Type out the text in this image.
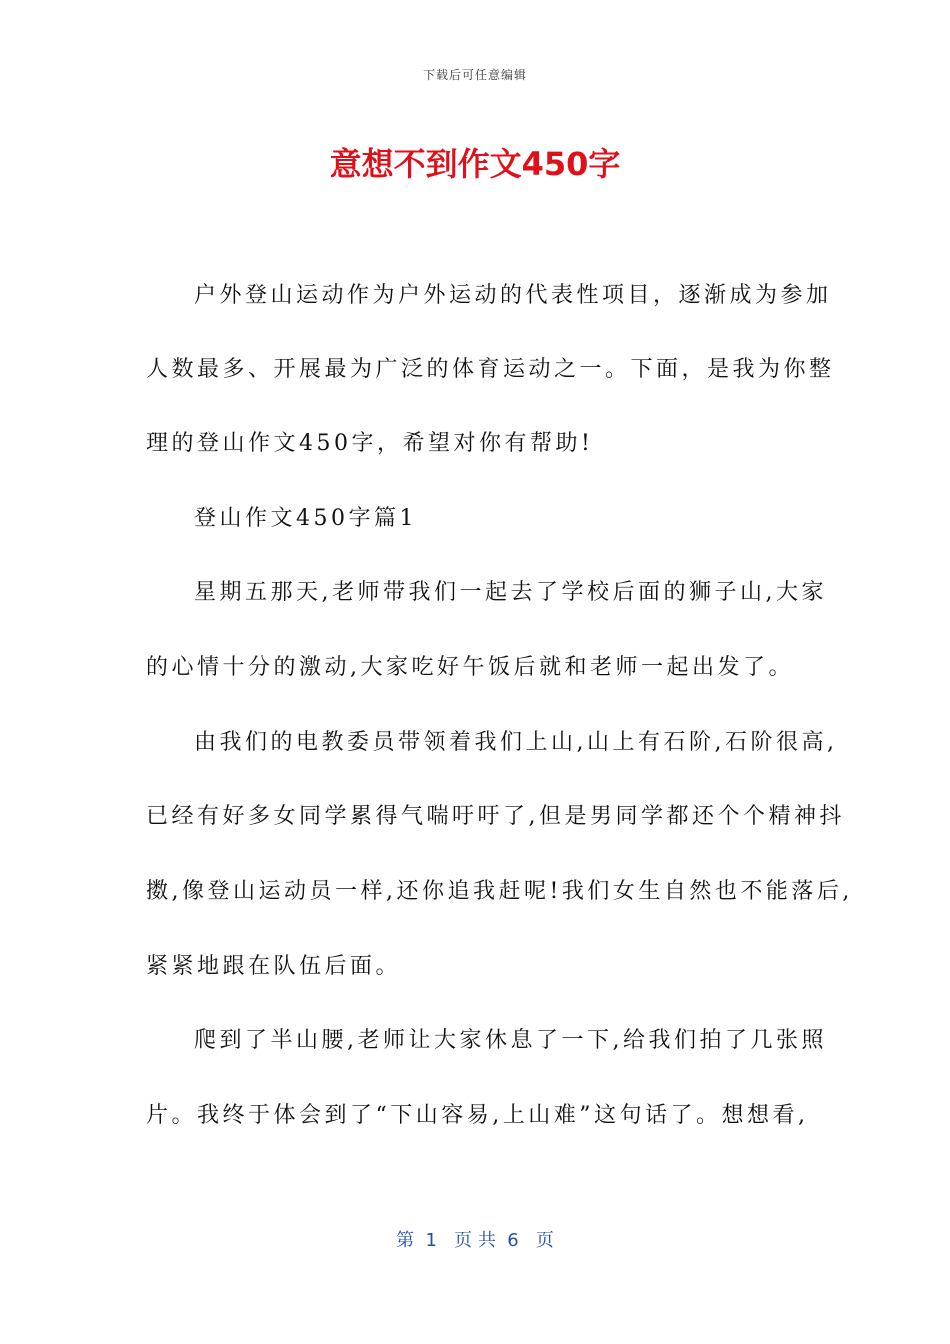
下载后可任意编辑
意想不到作文450字
户外登山运动作为户外运动的代表性项目，逐渐成为参加
人数最多、开展最为广泛的体育运动之一。下面，是我为你整
理的登山作文450字，希望对你有帮助!
登山作文450字篇1
星期五那天,老师带我们一起去了学校后面的狮子山,大家
的心情十分的激动,大家吃好午饭后就和老师一起出发了。
由我们的电教委员带领着我们上山,山上有石阶,石阶很高,
已经有好多女同学累得气喘吁吁了,但是男同学都还个个精神抖
擞,像登山运动员一样,还你追我赶呢!我们女生自然也不能落后,
紧紧地跟在队伍后面。
爬到了半山腰,老师让大家休息了一下,给我们拍了几张照
片。我终于体会到了“下山容易,上山难”这句话了。想想看,
第  1   页 共  6   页
